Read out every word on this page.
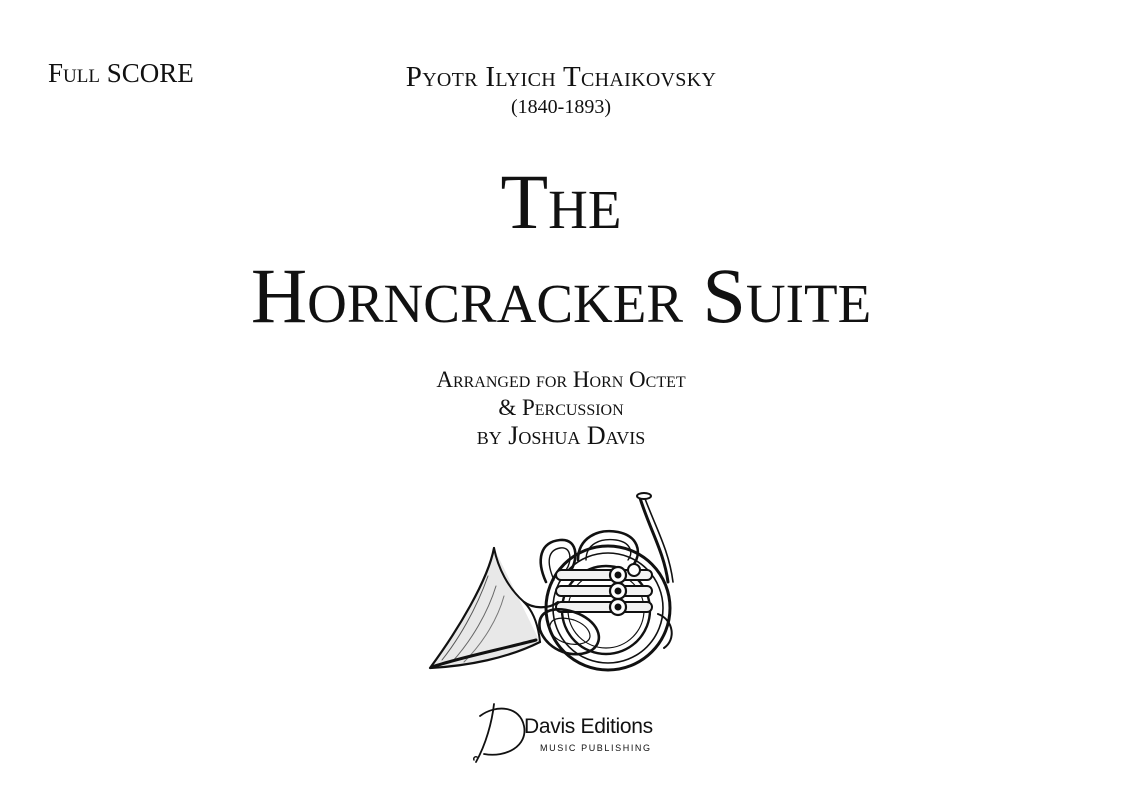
Full SCORE	Pyotr Ilyich Tchaikovsky
(1840-1893)
The
Horncracker Suite
Arranged for Horn Octet
& Percussion
by Joshua Davis
Davis Editions
MUSIC PUBLISHING
